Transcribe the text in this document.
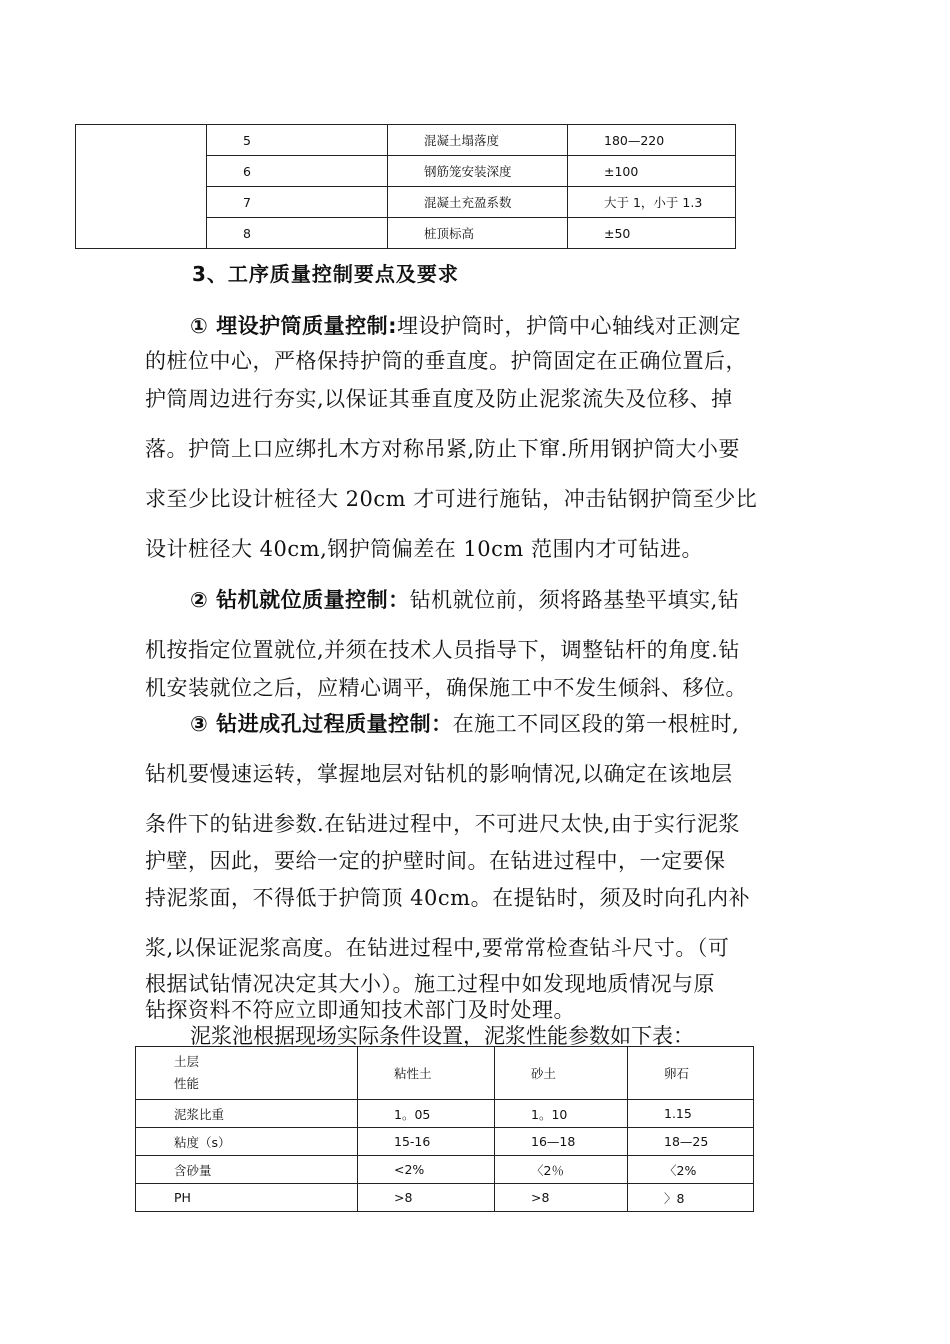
	5	混凝土塌落度	180—220
	6	钢筋笼安装深度	±100
	7	混凝土充盈系数	大于 1，小于 1.3
	8	桩顶标高	±50
3、工序质量控制要点及要求
① 埋设护筒质量控制:埋设护筒时，护筒中心轴线对正测定
的桩位中心，严格保持护筒的垂直度。护筒固定在正确位置后，
护筒周边进行夯实,以保证其垂直度及防止泥浆流失及位移、掉
落。护筒上口应绑扎木方对称吊紧,防止下窜.所用钢护筒大小要
求至少比设计桩径大 20cm 才可进行施钻，冲击钻钢护筒至少比
设计桩径大 40cm,钢护筒偏差在 10cm 范围内才可钻进。
② 钻机就位质量控制：钻机就位前，须将路基垫平填实,钻
机按指定位置就位,并须在技术人员指导下，调整钻杆的角度.钻
机安装就位之后，应精心调平，确保施工中不发生倾斜、移位。
③ 钻进成孔过程质量控制：在施工不同区段的第一根桩时,
钻机要慢速运转，掌握地层对钻机的影响情况,以确定在该地层
条件下的钻进参数.在钻进过程中，不可进尺太快,由于实行泥浆
护壁，因此，要给一定的护壁时间。在钻进过程中，一定要保
持泥浆面，不得低于护筒顶 40cm。在提钻时，须及时向孔内补
浆,以保证泥浆高度。在钻进过程中,要常常检查钻斗尺寸。（可
根据试钻情况决定其大小）。施工过程中如发现地质情况与原
钻探资料不符应立即通知技术部门及时处理。
泥浆池根据现场实际条件设置，泥浆性能参数如下表：
土层
性能	粘性土	砂土	卵石
泥浆比重	1。05	1。10	1.15
粘度（s）	15-16	16—18	18—25
含砂量	<2%	〈2％	〈2%
PH	>8	>8	〉8
